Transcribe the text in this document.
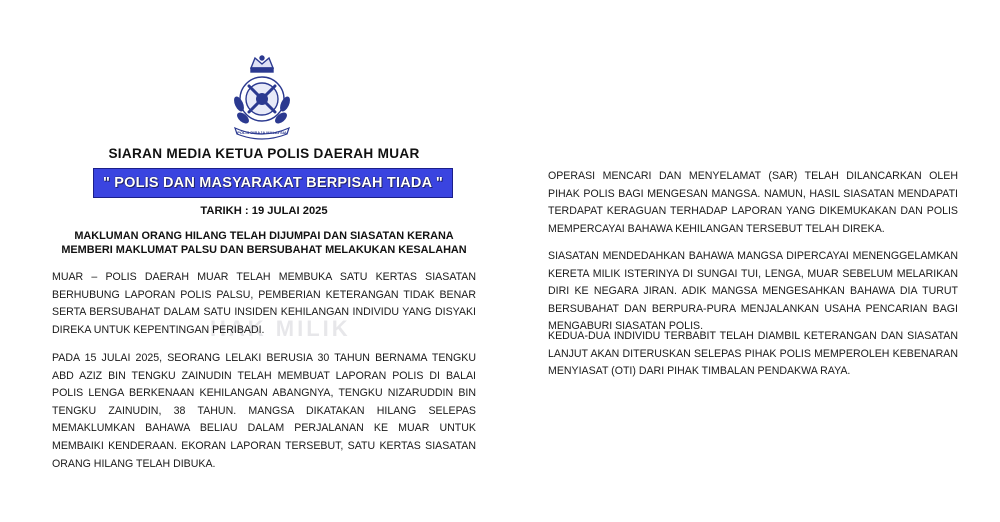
POLIS DIRAJA MALAYSIA
SIARAN MEDIA KETUA POLIS DAERAH MUAR
" POLIS DAN MASYARAKAT BERPISAH TIADA "
TARIKH : 19 JULAI 2025
MAKLUMAN ORANG HILANG TELAH DIJUMPAI DAN SIASATAN KERANA
MEMBERI MAKLUMAT PALSU DAN BERSUBAHAT MELAKUKAN KESALAHAN
HAK MILIK
MUAR – POLIS DAERAH MUAR TELAH MEMBUKA SATU KERTAS SIASATAN BERHUBUNG LAPORAN POLIS PALSU, PEMBERIAN KETERANGAN TIDAK BENAR SERTA BERSUBAHAT DALAM SATU INSIDEN KEHILANGAN INDIVIDU YANG DISYAKI DIREKA UNTUK KEPENTINGAN PERIBADI.
PADA 15 JULAI 2025, SEORANG LELAKI BERUSIA 30 TAHUN BERNAMA TENGKU ABD AZIZ BIN TENGKU ZAINUDIN TELAH MEMBUAT LAPORAN POLIS DI BALAI POLIS LENGA BERKENAAN KEHILANGAN ABANGNYA, TENGKU NIZARUDDIN BIN TENGKU ZAINUDIN, 38 TAHUN. MANGSA DIKATAKAN HILANG SELEPAS MEMAKLUMKAN BAHAWA BELIAU DALAM PERJALANAN KE MUAR UNTUK MEMBAIKI KENDERAAN. EKORAN LAPORAN TERSEBUT, SATU KERTAS SIASATAN ORANG HILANG TELAH DIBUKA.
OPERASI MENCARI DAN MENYELAMAT (SAR) TELAH DILANCARKAN OLEH PIHAK POLIS BAGI MENGESAN MANGSA. NAMUN, HASIL SIASATAN MENDAPATI TERDAPAT KERAGUAN TERHADAP LAPORAN YANG DIKEMUKAKAN DAN POLIS MEMPERCAYAI BAHAWA KEHILANGAN TERSEBUT TELAH DIREKA.
SIASATAN MENDEDAHKAN BAHAWA MANGSA DIPERCAYAI MENENGGELAMKAN KERETA MILIK ISTERINYA DI SUNGAI TUI, LENGA, MUAR SEBELUM MELARIKAN DIRI KE NEGARA JIRAN. ADIK MANGSA MENGESAHKAN BAHAWA DIA TURUT BERSUBAHAT DAN BERPURA-PURA MENJALANKAN USAHA PENCARIAN BAGI MENGABURI SIASATAN POLIS.
KEDUA-DUA INDIVIDU TERBABIT TELAH DIAMBIL KETERANGAN DAN SIASATAN LANJUT AKAN DITERUSKAN SELEPAS PIHAK POLIS MEMPEROLEH KEBENARAN MENYIASAT (OTI) DARI PIHAK TIMBALAN PENDAKWA RAYA.
